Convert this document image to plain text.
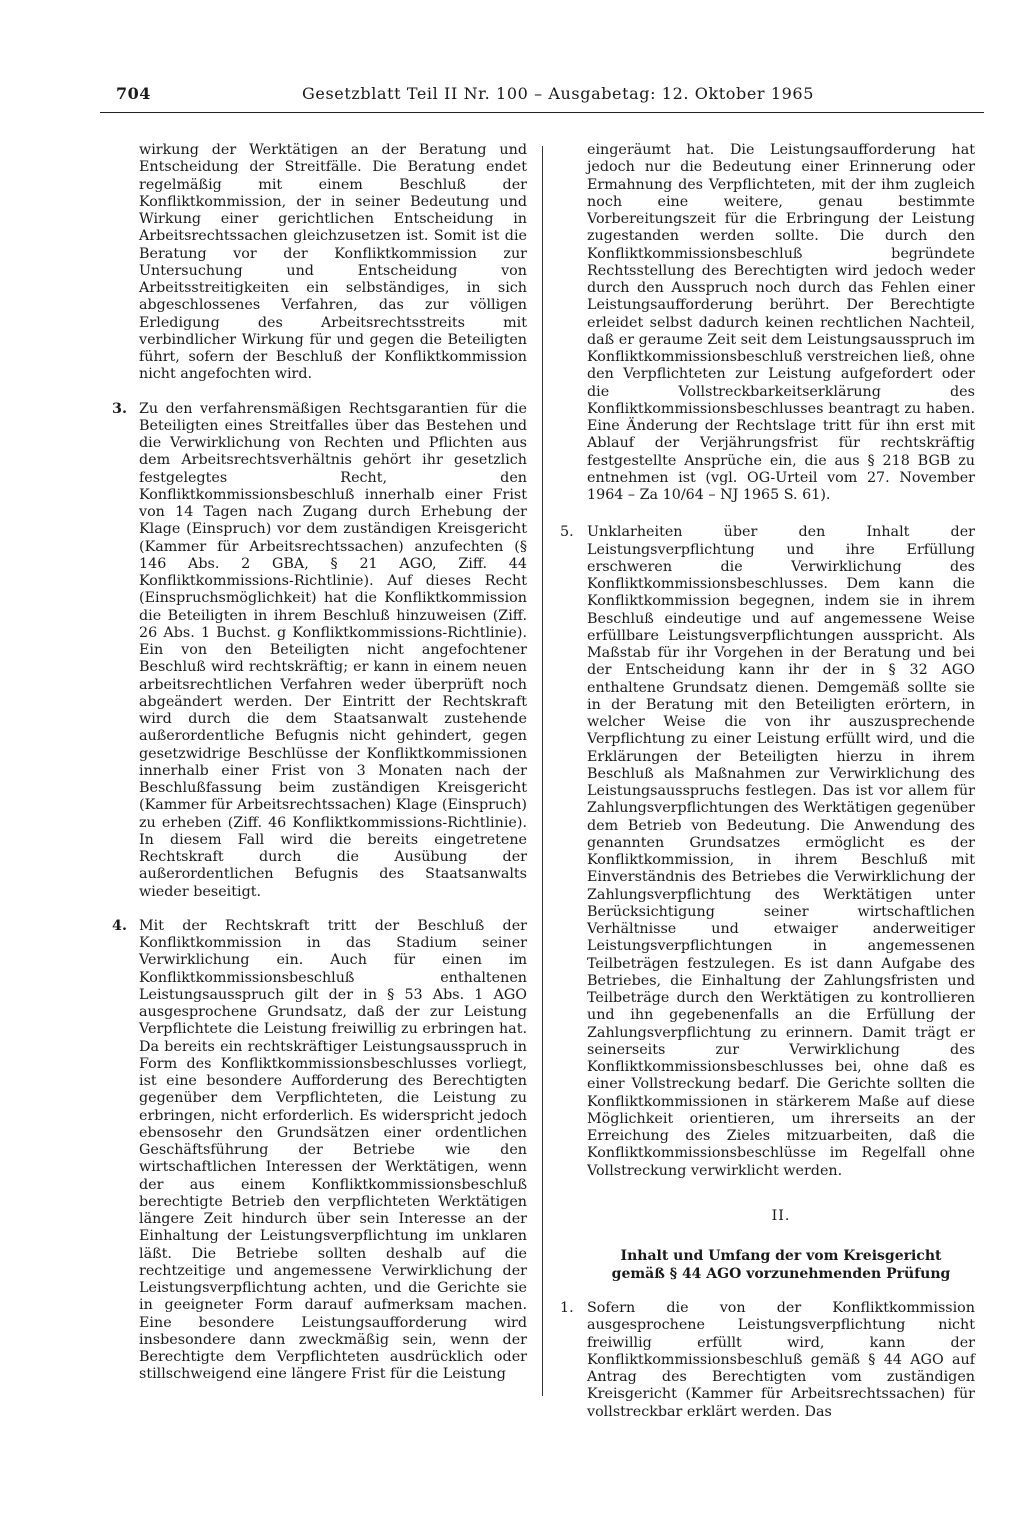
704	Gesetzblatt Teil II Nr. 100 – Ausgabetag: 12. Oktober 1965

wirkung der Werktätigen an der Beratung und Entscheidung der Streitfälle. Die Beratung endet regelmäßig mit einem Beschluß der Konfliktkommission, der in seiner Bedeutung und Wirkung einer gerichtlichen Entscheidung in Arbeitsrechtssachen gleichzusetzen ist. Somit ist die Beratung vor der Konfliktkommission zur Untersuchung und Entscheidung von Arbeitsstreitigkeiten ein selbständiges, in sich abgeschlossenes Verfahren, das zur völligen Erledigung des Arbeitsrechtsstreits mit verbindlicher Wirkung für und gegen die Beteiligten führt, sofern der Beschluß der Konfliktkommission nicht angefochten wird.

3. Zu den verfahrensmäßigen Rechtsgarantien für die Beteiligten eines Streitfalles über das Bestehen und die Verwirklichung von Rechten und Pflichten aus dem Arbeitsrechtsverhältnis gehört ihr gesetzlich festgelegtes Recht, den Konfliktkommissionsbeschluß innerhalb einer Frist von 14 Tagen nach Zugang durch Erhebung der Klage (Einspruch) vor dem zuständigen Kreisgericht (Kammer für Arbeitsrechtssachen) anzufechten (§ 146 Abs. 2 GBA, § 21 AGO, Ziff. 44 Konfliktkommissions-Richtlinie). Auf dieses Recht (Einspruchsmöglichkeit) hat die Konfliktkommission die Beteiligten in ihrem Beschluß hinzuweisen (Ziff. 26 Abs. 1 Buchst. g Konfliktkommissions-Richtlinie). Ein von den Beteiligten nicht angefochtener Beschluß wird rechtskräftig; er kann in einem neuen arbeitsrechtlichen Verfahren weder überprüft noch abgeändert werden. Der Eintritt der Rechtskraft wird durch die dem Staatsanwalt zustehende außerordentliche Befugnis nicht gehindert, gegen gesetzwidrige Beschlüsse der Konfliktkommissionen innerhalb einer Frist von 3 Monaten nach der Beschlußfassung beim zuständigen Kreisgericht (Kammer für Arbeitsrechtssachen) Klage (Einspruch) zu erheben (Ziff. 46 Konfliktkommissions-Richtlinie). In diesem Fall wird die bereits eingetretene Rechtskraft durch die Ausübung der außerordentlichen Befugnis des Staatsanwalts wieder beseitigt.

4. Mit der Rechtskraft tritt der Beschluß der Konfliktkommission in das Stadium seiner Verwirklichung ein. Auch für einen im Konfliktkommissionsbeschluß enthaltenen Leistungsausspruch gilt der in § 53 Abs. 1 AGO ausgesprochene Grundsatz, daß der zur Leistung Verpflichtete die Leistung freiwillig zu erbringen hat. Da bereits ein rechtskräftiger Leistungsausspruch in Form des Konfliktkommissionsbeschlusses vorliegt, ist eine besondere Aufforderung des Berechtigten gegenüber dem Verpflichteten, die Leistung zu erbringen, nicht erforderlich. Es widerspricht jedoch ebensosehr den Grundsätzen einer ordentlichen Geschäftsführung der Betriebe wie den wirtschaftlichen Interessen der Werktätigen, wenn der aus einem Konfliktkommissionsbeschluß berechtigte Betrieb den verpflichteten Werktätigen längere Zeit hindurch über sein Interesse an der Einhaltung der Leistungsverpflichtung im unklaren läßt. Die Betriebe sollten deshalb auf die rechtzeitige und angemessene Verwirklichung der Leistungsverpflichtung achten, und die Gerichte sie in geeigneter Form darauf aufmerksam machen. Eine besondere Leistungsaufforderung wird insbesondere dann zweckmäßig sein, wenn der Berechtigte dem Verpflichteten ausdrücklich oder stillschweigend eine längere Frist für die Leistung

eingeräumt hat. Die Leistungsaufforderung hat jedoch nur die Bedeutung einer Erinnerung oder Ermahnung des Verpflichteten, mit der ihm zugleich noch eine weitere, genau bestimmte Vorbereitungszeit für die Erbringung der Leistung zugestanden werden sollte. Die durch den Konfliktkommissionsbeschluß begründete Rechtsstellung des Berechtigten wird jedoch weder durch den Ausspruch noch durch das Fehlen einer Leistungsaufforderung berührt. Der Berechtigte erleidet selbst dadurch keinen rechtlichen Nachteil, daß er geraume Zeit seit dem Leistungsausspruch im Konfliktkommissionsbeschluß verstreichen ließ, ohne den Verpflichteten zur Leistung aufgefordert oder die Vollstreckbarkeitserklärung des Konfliktkommissionsbeschlusses beantragt zu haben. Eine Änderung der Rechtslage tritt für ihn erst mit Ablauf der Verjährungsfrist für rechtskräftig festgestellte Ansprüche ein, die aus § 218 BGB zu entnehmen ist (vgl. OG-Urteil vom 27. November 1964 – Za 10/64 – NJ 1965 S. 61).

5. Unklarheiten über den Inhalt der Leistungsverpflichtung und ihre Erfüllung erschweren die Verwirklichung des Konfliktkommissionsbeschlusses. Dem kann die Konfliktkommission begegnen, indem sie in ihrem Beschluß eindeutige und auf angemessene Weise erfüllbare Leistungsverpflichtungen ausspricht. Als Maßstab für ihr Vorgehen in der Beratung und bei der Entscheidung kann ihr der in § 32 AGO enthaltene Grundsatz dienen. Demgemäß sollte sie in der Beratung mit den Beteiligten erörtern, in welcher Weise die von ihr auszusprechende Verpflichtung zu einer Leistung erfüllt wird, und die Erklärungen der Beteiligten hierzu in ihrem Beschluß als Maßnahmen zur Verwirklichung des Leistungsausspruchs festlegen. Das ist vor allem für Zahlungsverpflichtungen des Werktätigen gegenüber dem Betrieb von Bedeutung. Die Anwendung des genannten Grundsatzes ermöglicht es der Konfliktkommission, in ihrem Beschluß mit Einverständnis des Betriebes die Verwirklichung der Zahlungsverpflichtung des Werktätigen unter Berücksichtigung seiner wirtschaftlichen Verhältnisse und etwaiger anderweitiger Leistungsverpflichtungen in angemessenen Teilbeträgen festzulegen. Es ist dann Aufgabe des Betriebes, die Einhaltung der Zahlungsfristen und Teilbeträge durch den Werktätigen zu kontrollieren und ihn gegebenenfalls an die Erfüllung der Zahlungsverpflichtung zu erinnern. Damit trägt er seinerseits zur Verwirklichung des Konfliktkommissionsbeschlusses bei, ohne daß es einer Vollstreckung bedarf. Die Gerichte sollten die Konfliktkommissionen in stärkerem Maße auf diese Möglichkeit orientieren, um ihrerseits an der Erreichung des Zieles mitzuarbeiten, daß die Konfliktkommissionsbeschlüsse im Regelfall ohne Vollstreckung verwirklicht werden.

II.

Inhalt und Umfang der vom Kreisgericht
gemäß § 44 AGO vorzunehmenden Prüfung
1. Sofern die von der Konfliktkommission ausgesprochene Leistungsverpflichtung nicht freiwillig erfüllt wird, kann der Konfliktkommissionsbeschluß gemäß § 44 AGO auf Antrag des Berechtigten vom zuständigen Kreisgericht (Kammer für Arbeitsrechtssachen) für vollstreckbar erklärt werden. Das
